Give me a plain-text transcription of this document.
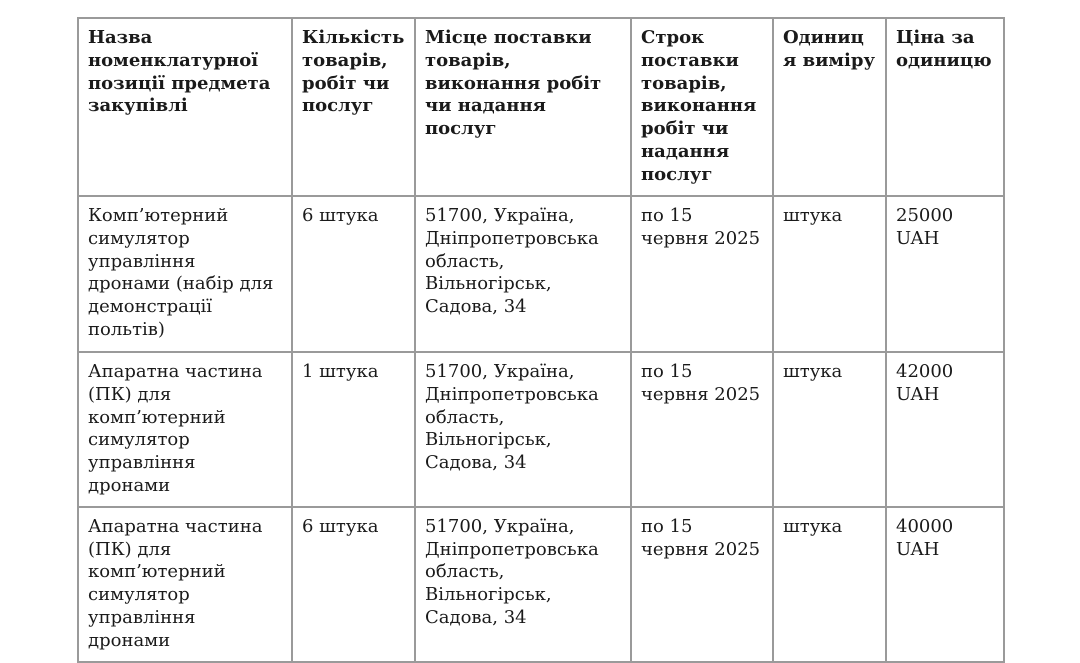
Назва номенклатурної позиції предмета закупівлі	Кількість товарів, робіт чи послуг	Місце поставки товарів, виконання робіт чи надання послуг	Строк поставки товарів, виконання робіт чи надання послуг	Одиниця виміру	Ціна за одиницю
Комп’ютерний симулятор управління дронами (набір для демонстрації польтів)	6 штука	51700, Україна, Дніпропетровська область, Вільногірськ, Садова, 34	по 15 червня 2025	штука	25000 UAH
Апаратна частина (ПК) для комп’ютерний симулятор управління дронами	1 штука	51700, Україна, Дніпропетровська область, Вільногірськ, Садова, 34	по 15 червня 2025	штука	42000 UAH
Апаратна частина (ПК) для комп’ютерний симулятор управління дронами	6 штука	51700, Україна, Дніпропетровська область, Вільногірськ, Садова, 34	по 15 червня 2025	штука	40000 UAH
